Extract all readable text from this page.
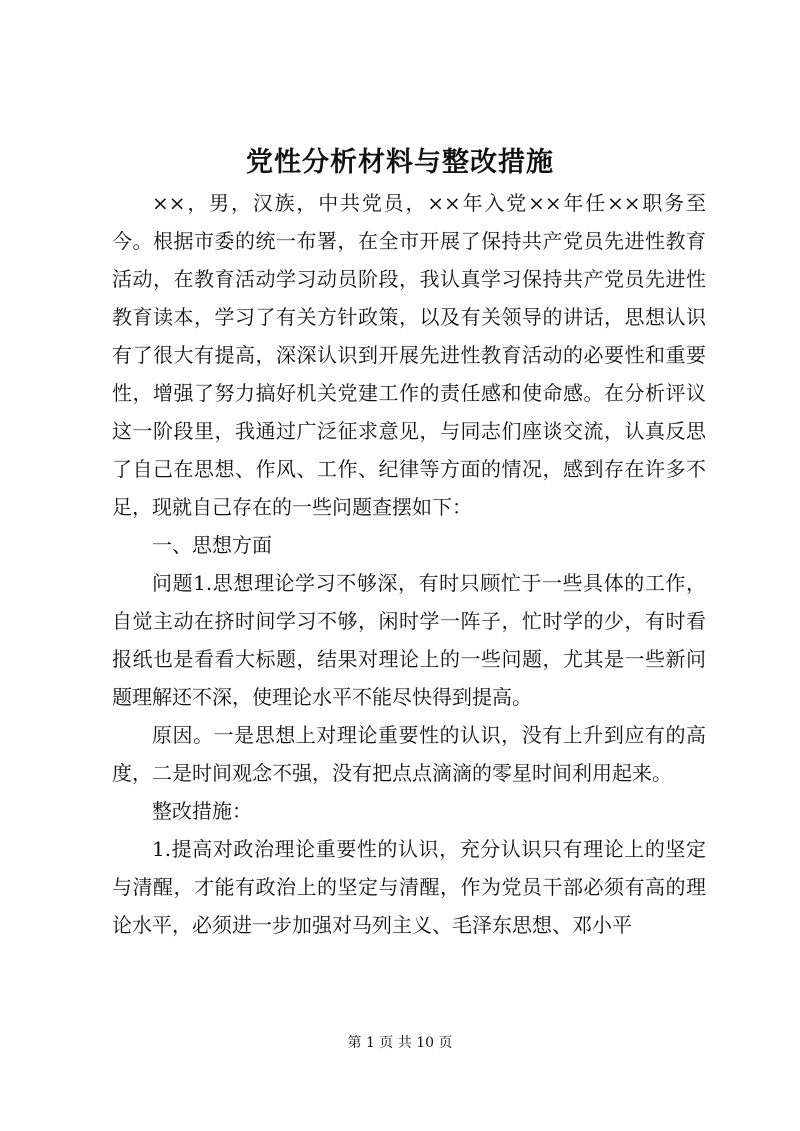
党性分析材料与整改措施

××，男，汉族，中共党员，××年入党××年任××职务至今。根据市委的统一布署，在全市开展了保持共产党员先进性教育活动，在教育活动学习动员阶段，我认真学习保持共产党员先进性教育读本，学习了有关方针政策，以及有关领导的讲话，思想认识有了很大有提高，深深认识到开展先进性教育活动的必要性和重要性，增强了努力搞好机关党建工作的责任感和使命感。在分析评议这一阶段里，我通过广泛征求意见，与同志们座谈交流，认真反思了自己在思想、作风、工作、纪律等方面的情况，感到存在许多不足，现就自己存在的一些问题查摆如下：

一、思想方面

问题1.思想理论学习不够深，有时只顾忙于一些具体的工作，自觉主动在挤时间学习不够，闲时学一阵子，忙时学的少，有时看报纸也是看看大标题，结果对理论上的一些问题，尤其是一些新问题理解还不深，使理论水平不能尽快得到提高。

原因。一是思想上对理论重要性的认识，没有上升到应有的高度，二是时间观念不强，没有把点点滴滴的零星时间利用起来。

整改措施：

1.提高对政治理论重要性的认识，充分认识只有理论上的坚定与清醒，才能有政治上的坚定与清醒，作为党员干部必须有高的理论水平，必须进一步加强对马列主义、毛泽东思想、邓小平

第 1 页 共 10 页
